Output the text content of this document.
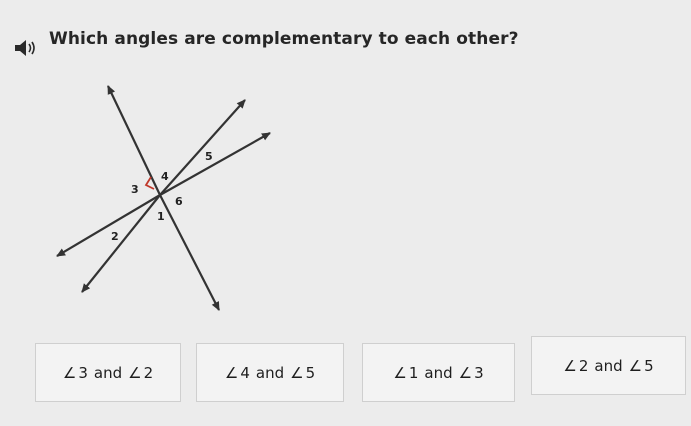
Which angles are complementary to each other?
3
4
5
6
1
2
∠ 3 and ∠ 2	∠ 4 and ∠ 5	∠ 1 and ∠ 3	∠ 2 and ∠ 5
